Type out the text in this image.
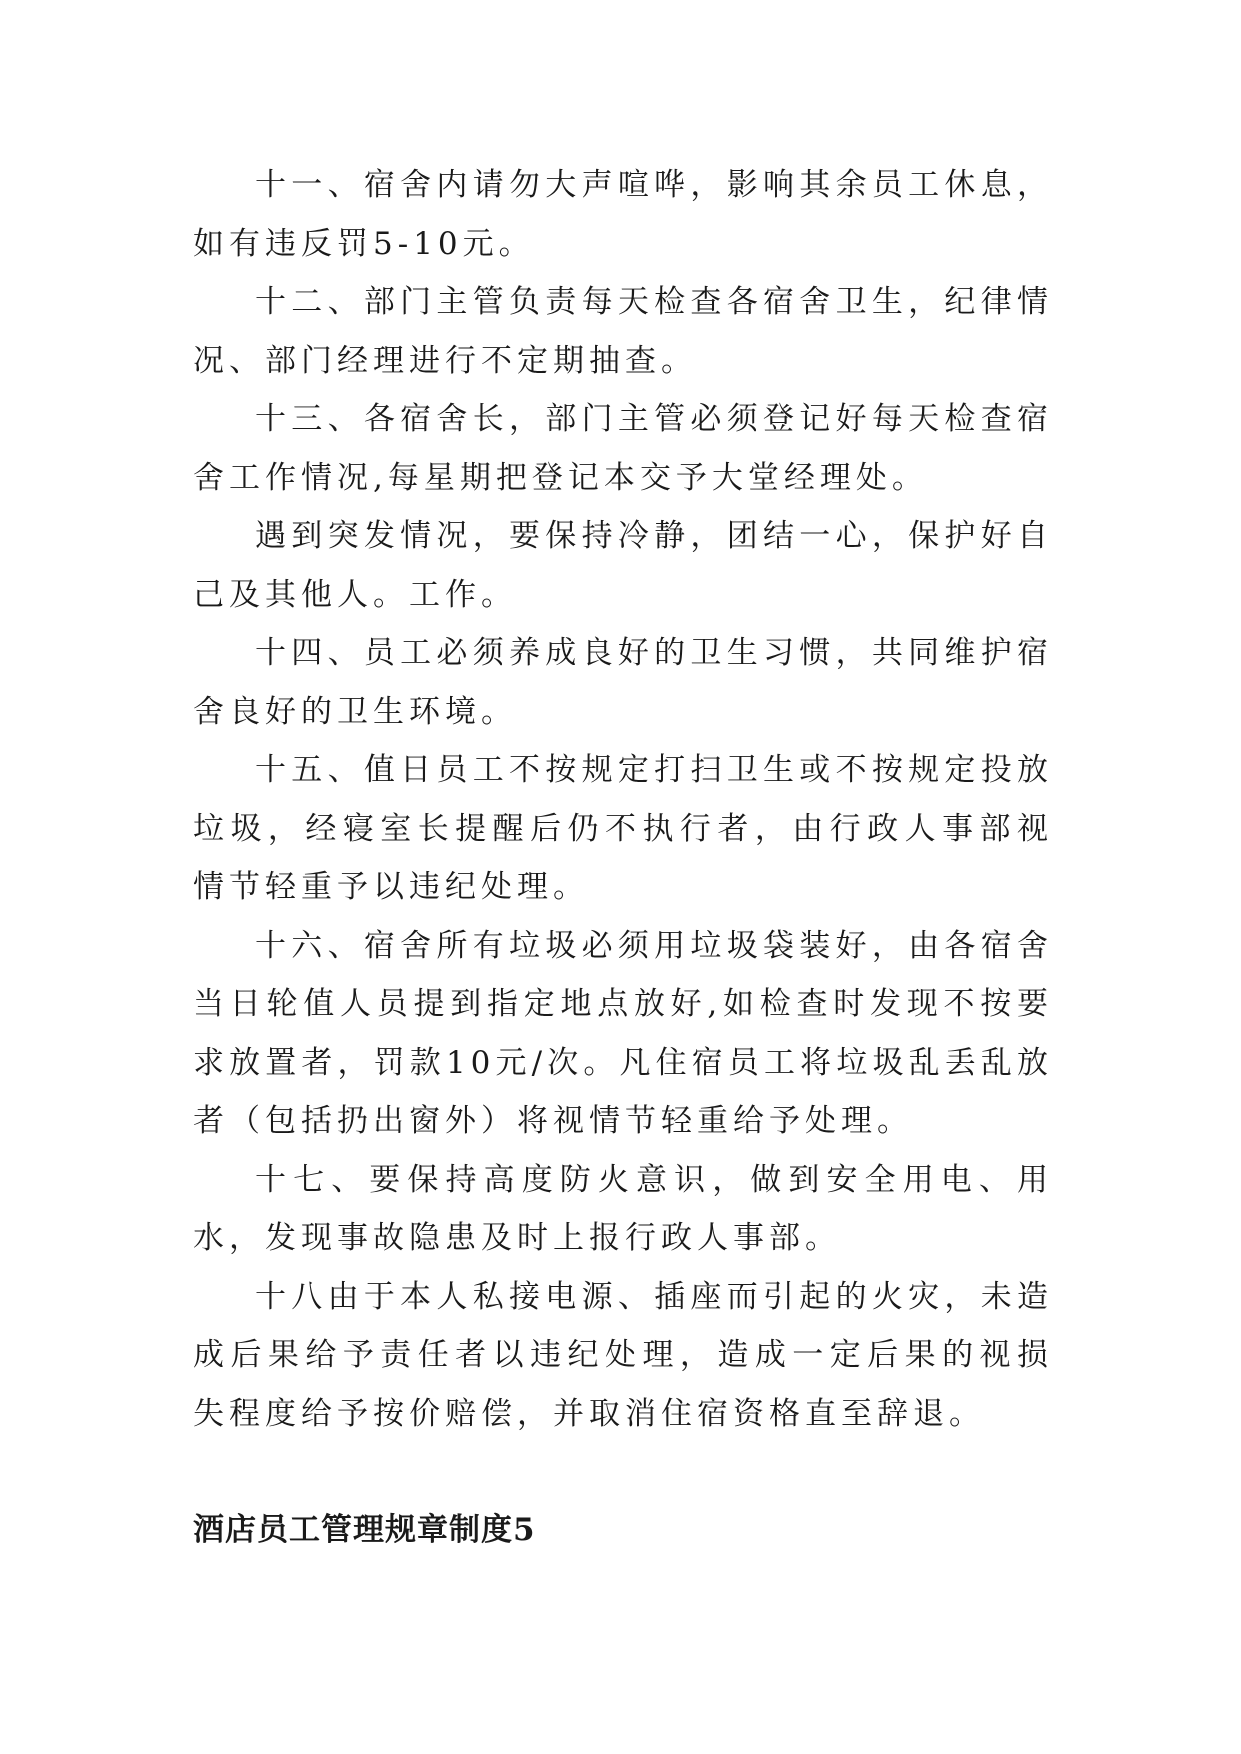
十一、宿舍内请勿大声喧哗，影响其余员工休息，如有违反罚5-10元。

十二、部门主管负责每天检查各宿舍卫生，纪律情况、部门经理进行不定期抽查。

十三、各宿舍长，部门主管必须登记好每天检查宿舍工作情况,每星期把登记本交予大堂经理处。

遇到突发情况，要保持冷静，团结一心，保护好自己及其他人。工作。

十四、员工必须养成良好的卫生习惯，共同维护宿舍良好的卫生环境。

十五、值日员工不按规定打扫卫生或不按规定投放垃圾，经寝室长提醒后仍不执行者，由行政人事部视情节轻重予以违纪处理。

十六、宿舍所有垃圾必须用垃圾袋装好，由各宿舍当日轮值人员提到指定地点放好,如检查时发现不按要求放置者，罚款10元/次。凡住宿员工将垃圾乱丢乱放者（包括扔出窗外）将视情节轻重给予处理。

十七、要保持高度防火意识，做到安全用电、用水，发现事故隐患及时上报行政人事部。

十八由于本人私接电源、插座而引起的火灾，未造成后果给予责任者以违纪处理，造成一定后果的视损失程度给予按价赔偿，并取消住宿资格直至辞退。

酒店员工管理规章制度5
